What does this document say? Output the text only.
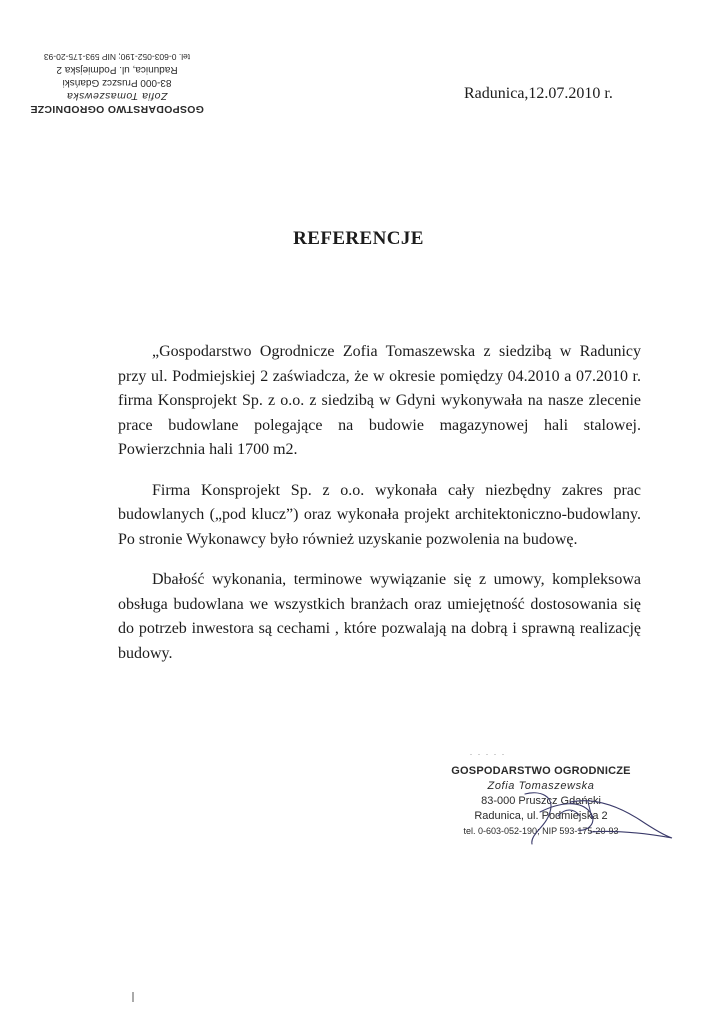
GOSPODARSTWO OGRODNICZE
Zofia Tomaszewska
83-000 Pruszcz Gdański
Radunica, ul. Podmiejska 2
tel. 0-603-052-190; NIP 593-175-20-93
Radunica,12.07.2010 r.
REFERENCJE

„Gospodarstwo Ogrodnicze Zofia Tomaszewska z siedzibą w Radunicy przy ul. Podmiejskiej 2 zaświadcza, że w okresie pomiędzy 04.2010 a 07.2010 r. firma Konsprojekt Sp. z o.o. z siedzibą w Gdyni wykonywała na nasze zlecenie prace budowlane polegające na budowie magazynowej hali stalowej. Powierzchnia hali 1700 m2.

Firma Konsprojekt Sp. z o.o. wykonała cały niezbędny zakres prac budowlanych („pod klucz”) oraz wykonała projekt architektoniczno-budowlany. Po stronie Wykonawcy było również uzyskanie pozwolenia na budowę.

Dbałość wykonania, terminowe wywiązanie się z umowy, kompleksowa obsługa budowlana we wszystkich branżach oraz umiejętność dostosowania się do potrzeb inwestora są cechami , które pozwalają na dobrą i sprawną realizację budowy.

. . . . .
GOSPODARSTWO OGRODNICZE
Zofia Tomaszewska
83-000 Pruszcz Gdański
Radunica, ul. Podmiejska 2
tel. 0-603-052-190; NIP 593-175-20-93
